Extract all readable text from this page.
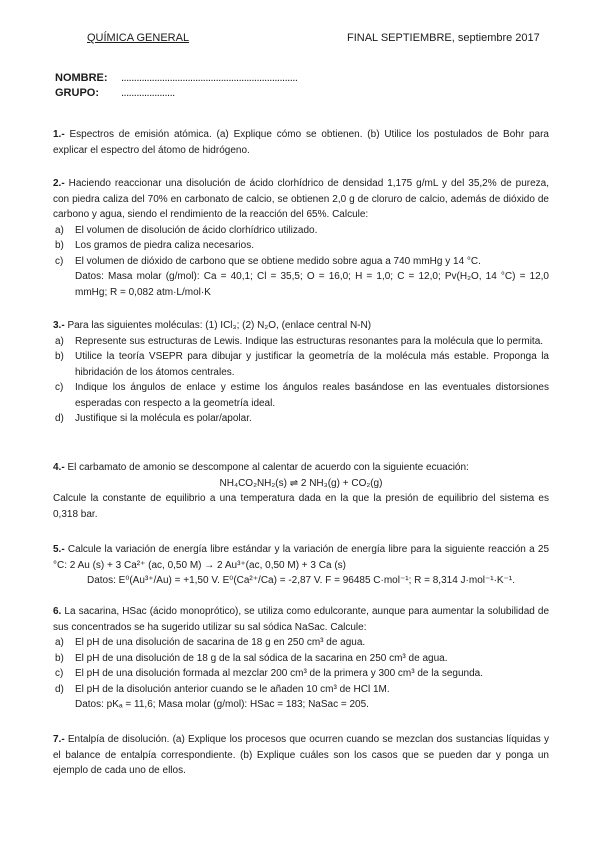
QUÍMICA GENERAL	FINAL SEPTIEMBRE, septiembre 2017
NOMBRE: .....................................................................
GRUPO: .....................

1.- Espectros de emisión atómica. (a) Explique cómo se obtienen. (b) Utilice los postulados de Bohr para explicar el espectro del átomo de hidrógeno.

2.- Haciendo reaccionar una disolución de ácido clorhídrico de densidad 1,175 g/mL y del 35,2% de pureza, con piedra caliza del 70% en carbonato de calcio, se obtienen 2,0 g de cloruro de calcio, además de dióxido de carbono y agua, siendo el rendimiento de la reacción del 65%. Calcule:

a) El volumen de disolución de ácido clorhídrico utilizado.
b) Los gramos de piedra caliza necesarios.
c) El volumen de dióxido de carbono que se obtiene medido sobre agua a 740 mmHg y 14 °C.

Datos: Masa molar (g/mol): Ca = 40,1; Cl = 35,5; O = 16,0; H = 1,0; C = 12,0; Pv(H₂O, 14 °C) = 12,0 mmHg; R = 0,082 atm·L/mol·K

3.- Para las siguientes moléculas: (1) ICl₃; (2) N₂O, (enlace central N-N)

a) Represente sus estructuras de Lewis. Indique las estructuras resonantes para la molécula que lo permita.
b) Utilice la teoría VSEPR para dibujar y justificar la geometría de la molécula más estable. Proponga la hibridación de los átomos centrales.
c) Indique los ángulos de enlace y estime los ángulos reales basándose en las eventuales distorsiones esperadas con respecto a la geometría ideal.
d) Justifique si la molécula es polar/apolar.

4.- El carbamato de amonio se descompone al calentar de acuerdo con la siguiente ecuación:

NH₄CO₂NH₂(s) ⇌ 2 NH₃(g) + CO₂(g)

Calcule la constante de equilibrio a una temperatura dada en la que la presión de equilibrio del sistema es 0,318 bar.

5.- Calcule la variación de energía libre estándar y la variación de energía libre para la siguiente reacción a 25 °C: 2 Au (s) + 3 Ca²⁺ (ac, 0,50 M) → 2 Au³⁺(ac, 0,50 M) + 3 Ca (s)

Datos: E⁰(Au³⁺/Au) = +1,50 V. E⁰(Ca²⁺/Ca) = -2,87 V. F = 96485 C·mol⁻¹; R = 8,314 J·mol⁻¹·K⁻¹.

6. La sacarina, HSac (ácido monoprótico), se utiliza como edulcorante, aunque para aumentar la solubilidad de sus concentrados se ha sugerido utilizar su sal sódica NaSac. Calcule:

a) El pH de una disolución de sacarina de 18 g en 250 cm³ de agua.
b) El pH de una disolución de 18 g de la sal sódica de la sacarina en 250 cm³ de agua.
c) El pH de una disolución formada al mezclar 200 cm³ de la primera y 300 cm³ de la segunda.
d) El pH de la disolución anterior cuando se le añaden 10 cm³ de HCl 1M.

Datos: pKₐ = 11,6; Masa molar (g/mol): HSac = 183; NaSac = 205.

7.- Entalpía de disolución. (a) Explique los procesos que ocurren cuando se mezclan dos sustancias líquidas y el balance de entalpía correspondiente. (b) Explique cuáles son los casos que se pueden dar y ponga un ejemplo de cada uno de ellos.
